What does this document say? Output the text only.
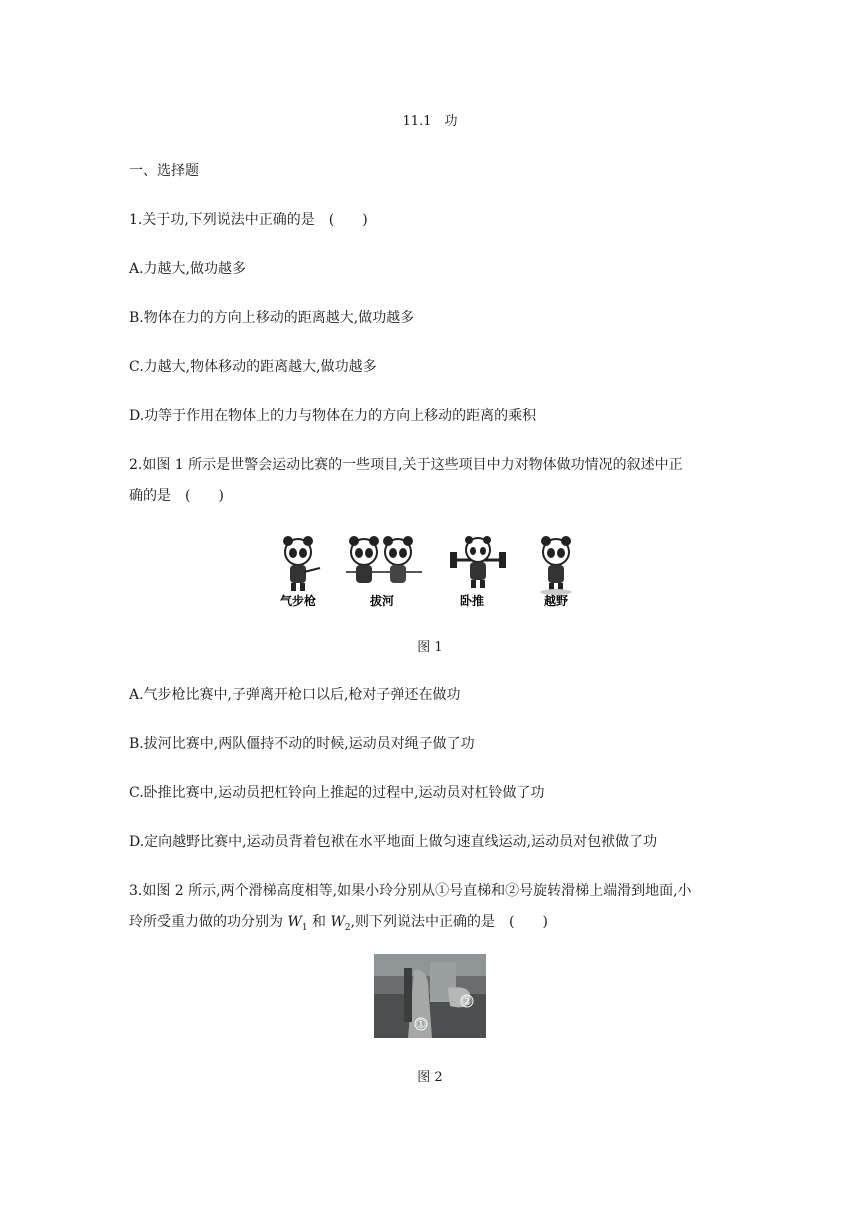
11.1　功
一、选择题
1.关于功,下列说法中正确的是　(　　)
A.力越大,做功越多
B.物体在力的方向上移动的距离越大,做功越多
C.力越大,物体移动的距离越大,做功越多
D.功等于作用在物体上的力与物体在力的方向上移动的距离的乘积
2.如图 1 所示是世警会运动比赛的一些项目,关于这些项目中力对物体做功情况的叙述中正
确的是　(　　)
气步枪	拔河	卧推	越野
图 1
A.气步枪比赛中,子弹离开枪口以后,枪对子弹还在做功
B.拔河比赛中,两队僵持不动的时候,运动员对绳子做了功
C.卧推比赛中,运动员把杠铃向上推起的过程中,运动员对杠铃做了功
D.定向越野比赛中,运动员背着包袱在水平地面上做匀速直线运动,运动员对包袱做了功
3.如图 2 所示,两个滑梯高度相等,如果小玲分别从①号直梯和②号旋转滑梯上端滑到地面,小
玲所受重力做的功分别为 $W_1$ 和 $W_2$,则下列说法中正确的是　(　　)
①
②
图 2
